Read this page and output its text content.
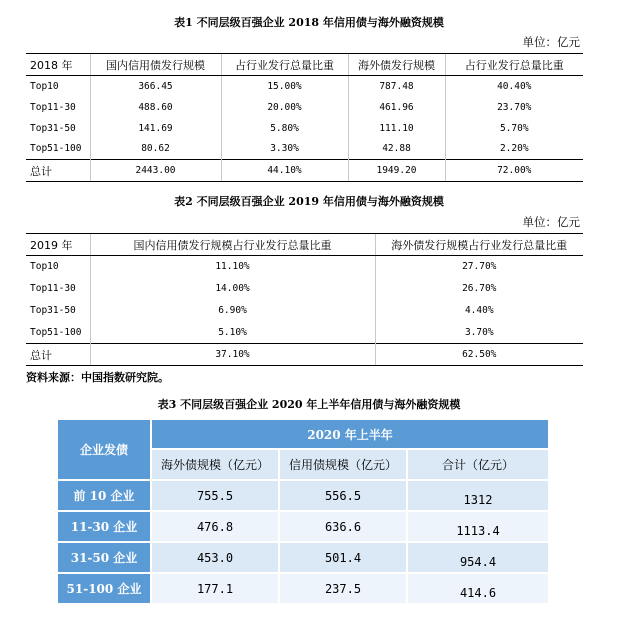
表1 不同层级百强企业 2018 年信用债与海外融资规模
单位：亿元
2018 年	国内信用债发行规模	占行业发行总量比重	海外债发行规模	占行业发行总量比重
Top10	366.45	15.00%	787.48	40.40%
Top11-30	488.60	20.00%	461.96	23.70%
Top31-50	141.69	5.80%	111.10	5.70%
Top51-100	80.62	3.30%	42.88	2.20%
总计	2443.00	44.10%	1949.20	72.00%
表2 不同层级百强企业 2019 年信用债与海外融资规模
单位：亿元
2019 年	国内信用债发行规模占行业发行总量比重	海外债发行规模占行业发行总量比重
Top10	11.10%	27.70%
Top11-30	14.00%	26.70%
Top31-50	6.90%	4.40%
Top51-100	5.10%	3.70%
总计	37.10%	62.50%
资料来源：中国指数研究院。
表3 不同层级百强企业 2020 年上半年信用债与海外融资规模
企业发债	2020 年上半年		
	海外债规模（亿元）	信用债规模（亿元）	合计（亿元）
前 10 企业	755.5	556.5	1312
11-30 企业	476.8	636.6	1113.4
31-50 企业	453.0	501.4	954.4
51-100 企业	177.1	237.5	414.6
